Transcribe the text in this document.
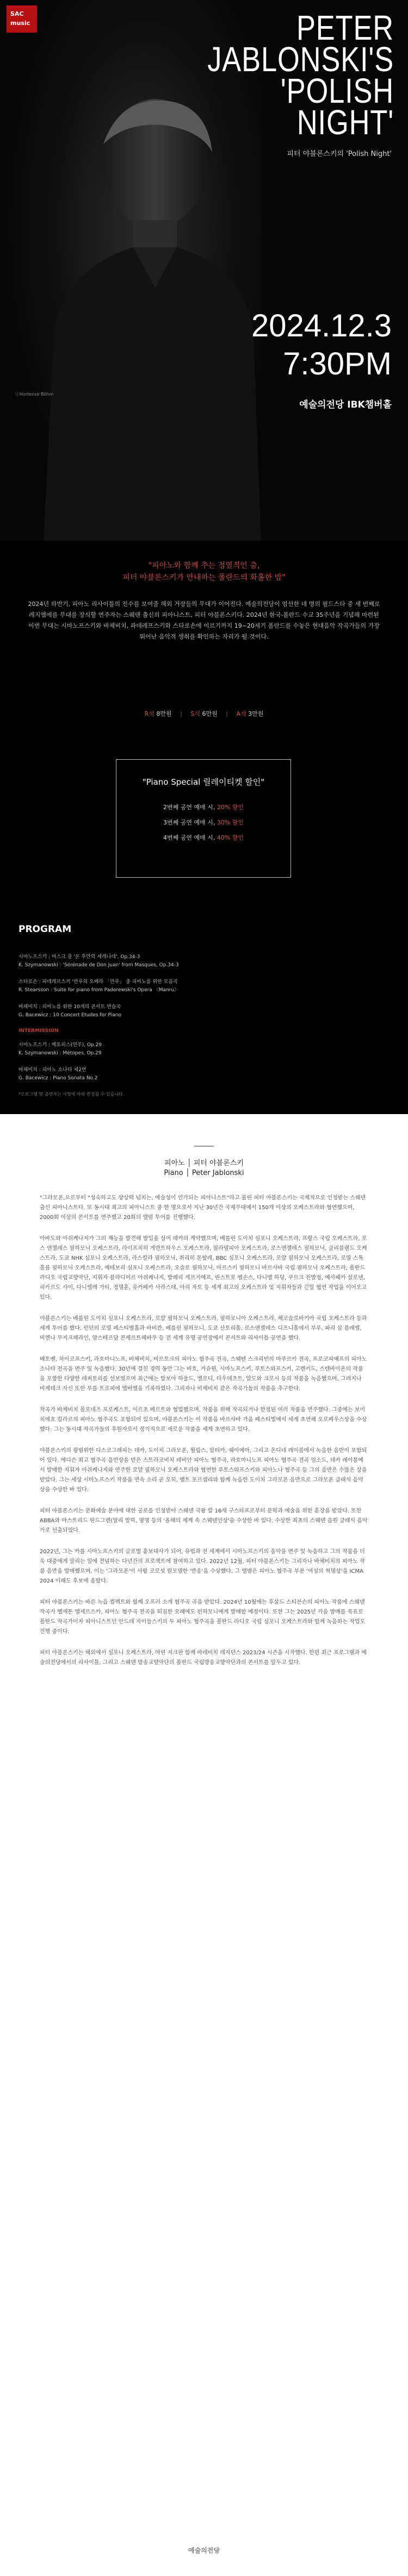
SAC
music	PETER
JABLONSKI'S
'POLISH
NIGHT'
피터 야블론스키의 'Polish Night'
2024.12.3
7:30PM
예술의전당 IBK챔버홀
ⓒHortense Böhm
"피아노와 함께 추는 정열적인 춤,
피터 야블론스키가 안내하는 폴란드의 화홀한 밤"

2024년 하반기, 피아노 리사이틀의 진수를 보여줄 해외 거장들의 무대가 이어진다. 예술의전당이 엄선한 네 명의 필드스타 중 세 번째로 레지엠에를 무대를 장식할 연주자는 스웨덴 출신의 피아니스트, 피터 야블론스키다. 2024년 한국-폴란드 수교 35주년을 기념해 마련된 이번 무대는 시마노프스키와 바체비치, 파데레프스키와 스타로손에 이르기까지 19~20세기 폴란드를 수놓은 현대음악 작곡가들의 가장 뛰어난 음악적 생취를 확인하는 자리가 될 것이다.

R석 8만원 | S석 6만원 | A석 3만원
"Piano Special 릴레이티켓 할인"
2번째 공연 예매 시, 20% 할인
3번째 공연 예매 시, 30% 할인
4번째 공연 예매 시, 40% 할인
PROGRAM
시마노프스키 : 마스크 중 '돈 후안의 세레나데', Op.34-3
K. Szymanowski : 'Sérénade de Don Juan' from Masques, Op.34-3
스타로손 : 파데레프스키 '만루의 오페라 「만루」 중 피아노를 위한 모음곡
R. Stearsson : Suite for piano from Paderewski's Opera 〈Manru〉
바체비치 : 피아노를 위한 10개의 콘서트 연습곡
G. Bacewicz : 10 Concert Etudes for Piano
INTERMISSION
시마노프스키 : 메토피스(연주), Op.29
K. Szymanowski : Métopes, Op.29
바체비치 : 피아노 소나타 제2번
G. Bacewicz : Piano Sonata No.2
*프로그램 및 출연자는 사정에 따라 변경될 수 있습니다.
피아노 │ 피터 야블론스키
Piano │ Peter Jablonski

"그라모폰,으로부터 "성숙하고도 상상력 넘치는, 예술성이 인가되는 피아니스트"라고 불린 피터 야블론스키는 국제적으로 인정받는 스웨덴 출신 피아니스트다. 또 동시대 최고의 피아니스트 중 한 명으로서 지난 30년간 국제무대에서 150개 이상의 오케스트라와 협연했으며, 2000회 이상의 콘서트를 연주했고 20회의 앨범 투어를 진행했다.

아바도와 아쉬케나지가 그의 재능을 발견해 발입을 실어 데카의 계약했으며, 베를린 도이치 심포니 오케스트라, 프랑스 국립 오케스트라, 로스 앤젤레스 필하모닉 오케스트라, 라이프치히 게반트하우스 오케스트라, 필라델피아 오케스트라, 로스앤젤레스 필하모닉, 클리블랜드 오케스트라, 도쿄 NHK 심포니 오케스트라, 라스칼라 필하모닉, 취리히 톤할레, BBC 심포니 오케스트라, 로얄 필하모닉 오케스트라, 로열 스톡홀름 필하모닉 오케스트라, 예테보리 심포니 오케스트라, 오슬로 필하모닉, 아르스키 필하모니 바르샤바 국립 필하모닉 오케스트라, 폴란드 라디오 국립교향악단, 지휘자 블라디미르 아쉬케나지, 발레리 게르기예프, 린스트로 벨손스, 다니엘 하딩, 쿠르크 진발정, 예사패카 살로넨, 리카르도 샤이, 다니엘레 가티, 정명훈, 유카페카 사라스테, 아리 자토 등 세계 최고의 오케스트라 및 지휘자들과 긴밀 협연 작업을 이어오고 있다.

야블론스키는 베를린 도이치 심포니 오케스트라, 로얄 필하모닉 오케스트라, 필하모니아 오케스트라, 체코슬로바키아 국립 오케스트라 등과 세계 투어를 했다. 런던의 로열 페스티벌홀과 바비칸, 베를린 필하모니, 도쿄 산토리홀, 로스앤젤레스 디즈니홀에서 부푸, 파리 살 플레옐, 비엔나 무지크페라인, 암스테르담 콘세르트헤바우 등 전 세계 유명 공연장에서 콘서트와 리사이틀 공연을 했다.

베토벤, 차이코프스키, 라흐마니노프, 바체비치, 비르토크의 피아노 협주곡 전곡, 스웨덴 스크리빈의 마주르카 전곡, 프로코피예프의 피아노 소나타 전곡을 연주 및 녹음했다. 30년에 걸친 경력 동안 그는 바흐, 거슈윈, 시마노프스키, 루토스와프스키, 고렌키드, 스텐바이온의 작품을 포함한 다양한 레퍼토리를 선보였으며 최근에는 발보아 하울드, 엘로디, 다우데츠트, 알도와 크로시 등의 작품을 녹음했으며, 그려지나 비제테크 자신 또한 부를 트로피에 엘버엘을 기록하였다. 그리자나 비체비치 같은 작곡가들의 작품을 추구한다.

작곡가 바체비치 폴로네즈 프로케스트, 이르초 페르트와 협업했으며, 작품을 위해 작곡되거나 한정된 여러 작품을 연주했다. 그중에는 보이치에흐 킬라르의 피아노 협주곡도 포함되어 있으며, 야블론스키는 이 작품을 바르샤바 가을 페스티벌에서 세계 초연해 오로페우스상을 수상했다. 그는 동시대 작곡가들의 후원자로서 정기적으로 새로운 작품을 세계 초연하고 있다.

야블론스키의 광범위한 디스코그래피는 데카, 도이치 그라모폰, 월립스, 알티카, 쉐이에마, 그리고 온디네 레이블에서 녹음한 음반이 포함되어 있다. 에디슨 최고 협주곡 음반상을 받은 스트라코비치 레비안 피아노 협주곡, 라흐마니노프 피아노 협주곡 전곡 엄소드, 데카 레이블에서 발매한 지휘자 아쉬케나지와 연주한 로얄 필하모닉 오케스트라와 협연한 루토스와프스키와 피아노나 협주곡 등 그의 음반은 수많은 상을 받았다. 그는 세상 시마노프스키 작품을 연속 소리 곧 오히, 벨트 포르셀리와 함께 녹음한 도이치 그라모폰 음반으로 그라모폰 클래식 음악상을 수상한 바 있다.

피터 야블론스키는 문화예술 분야에 대한 공로를 인정받아 스웨덴 국왕 칼 16세 구스타프로부터 문학과 예술을 위한 훈장을 받았다. 또한 ABBA와 아스트리드 린드그렌(말리 말빅, 명명 등의 '올해의 세계 속 스웨덴인상'을 수상한 바 있다. 수상한 최초의 스웨덴 음원 클래식 음악가로 선출되었다.

2022년, 그는 카를 시마노프스키의 글로벌 홍보대사가 되어, 유럽과 전 세계에서 시마노프스키의 음악을 연주 및 녹음하고 그의 작품을 더욱 대중에게 알리는 일에 전념하는 다년간의 프로젝트에 참여하고 있다. 2022년 12월, 피터 야블론스키는 그리자나 바체비치의 피아노 작품 음반을 발매했으며, 이는 '그라모폰'이 사랑 코로섯 원모델한 '반응'을 수상했다. 그 앨범은 피아노 협주곡 부분 '여성의 혁명상'을 ICMA 2024 이래도 후보에 올랐다.

피터 야블론스키는 바른 녹음 컬렉트와 함께 오프러 소개 협주곡 곡을 받았다. 2024년 10월에는 후살드 스티븐슨의 피아노 작품에 스웨덴 작곡가 헬세돈 엘세르스카, 피아노 협주곡 전곡을 퇴짐한 오래에도 펀하모니에게 발매할 예정이다. 또한 그는 2025년 가을 발매를 목표로 폴란드 작곡가이자 피아니스트인 안드레 자이들스키의 두 피아노 협주곡을 폴란드 라디오 국립 심포니 오케스트라와 함께 녹음하는 작업도 진행 중이다.

피터 야블론스키는 해외에서 심포니 오케스트라, 마린 지크판 함께 바레비치 레지던스 2023/24 시즌을 시작했다. 한편 최근 프로그램과 예술의전당에서의 리사이틀, 그리고 스웨덴 방송교향악단의 폴란드 국립방송교향악단과의 콘서트를 앞두고 있다.

예술의전당
